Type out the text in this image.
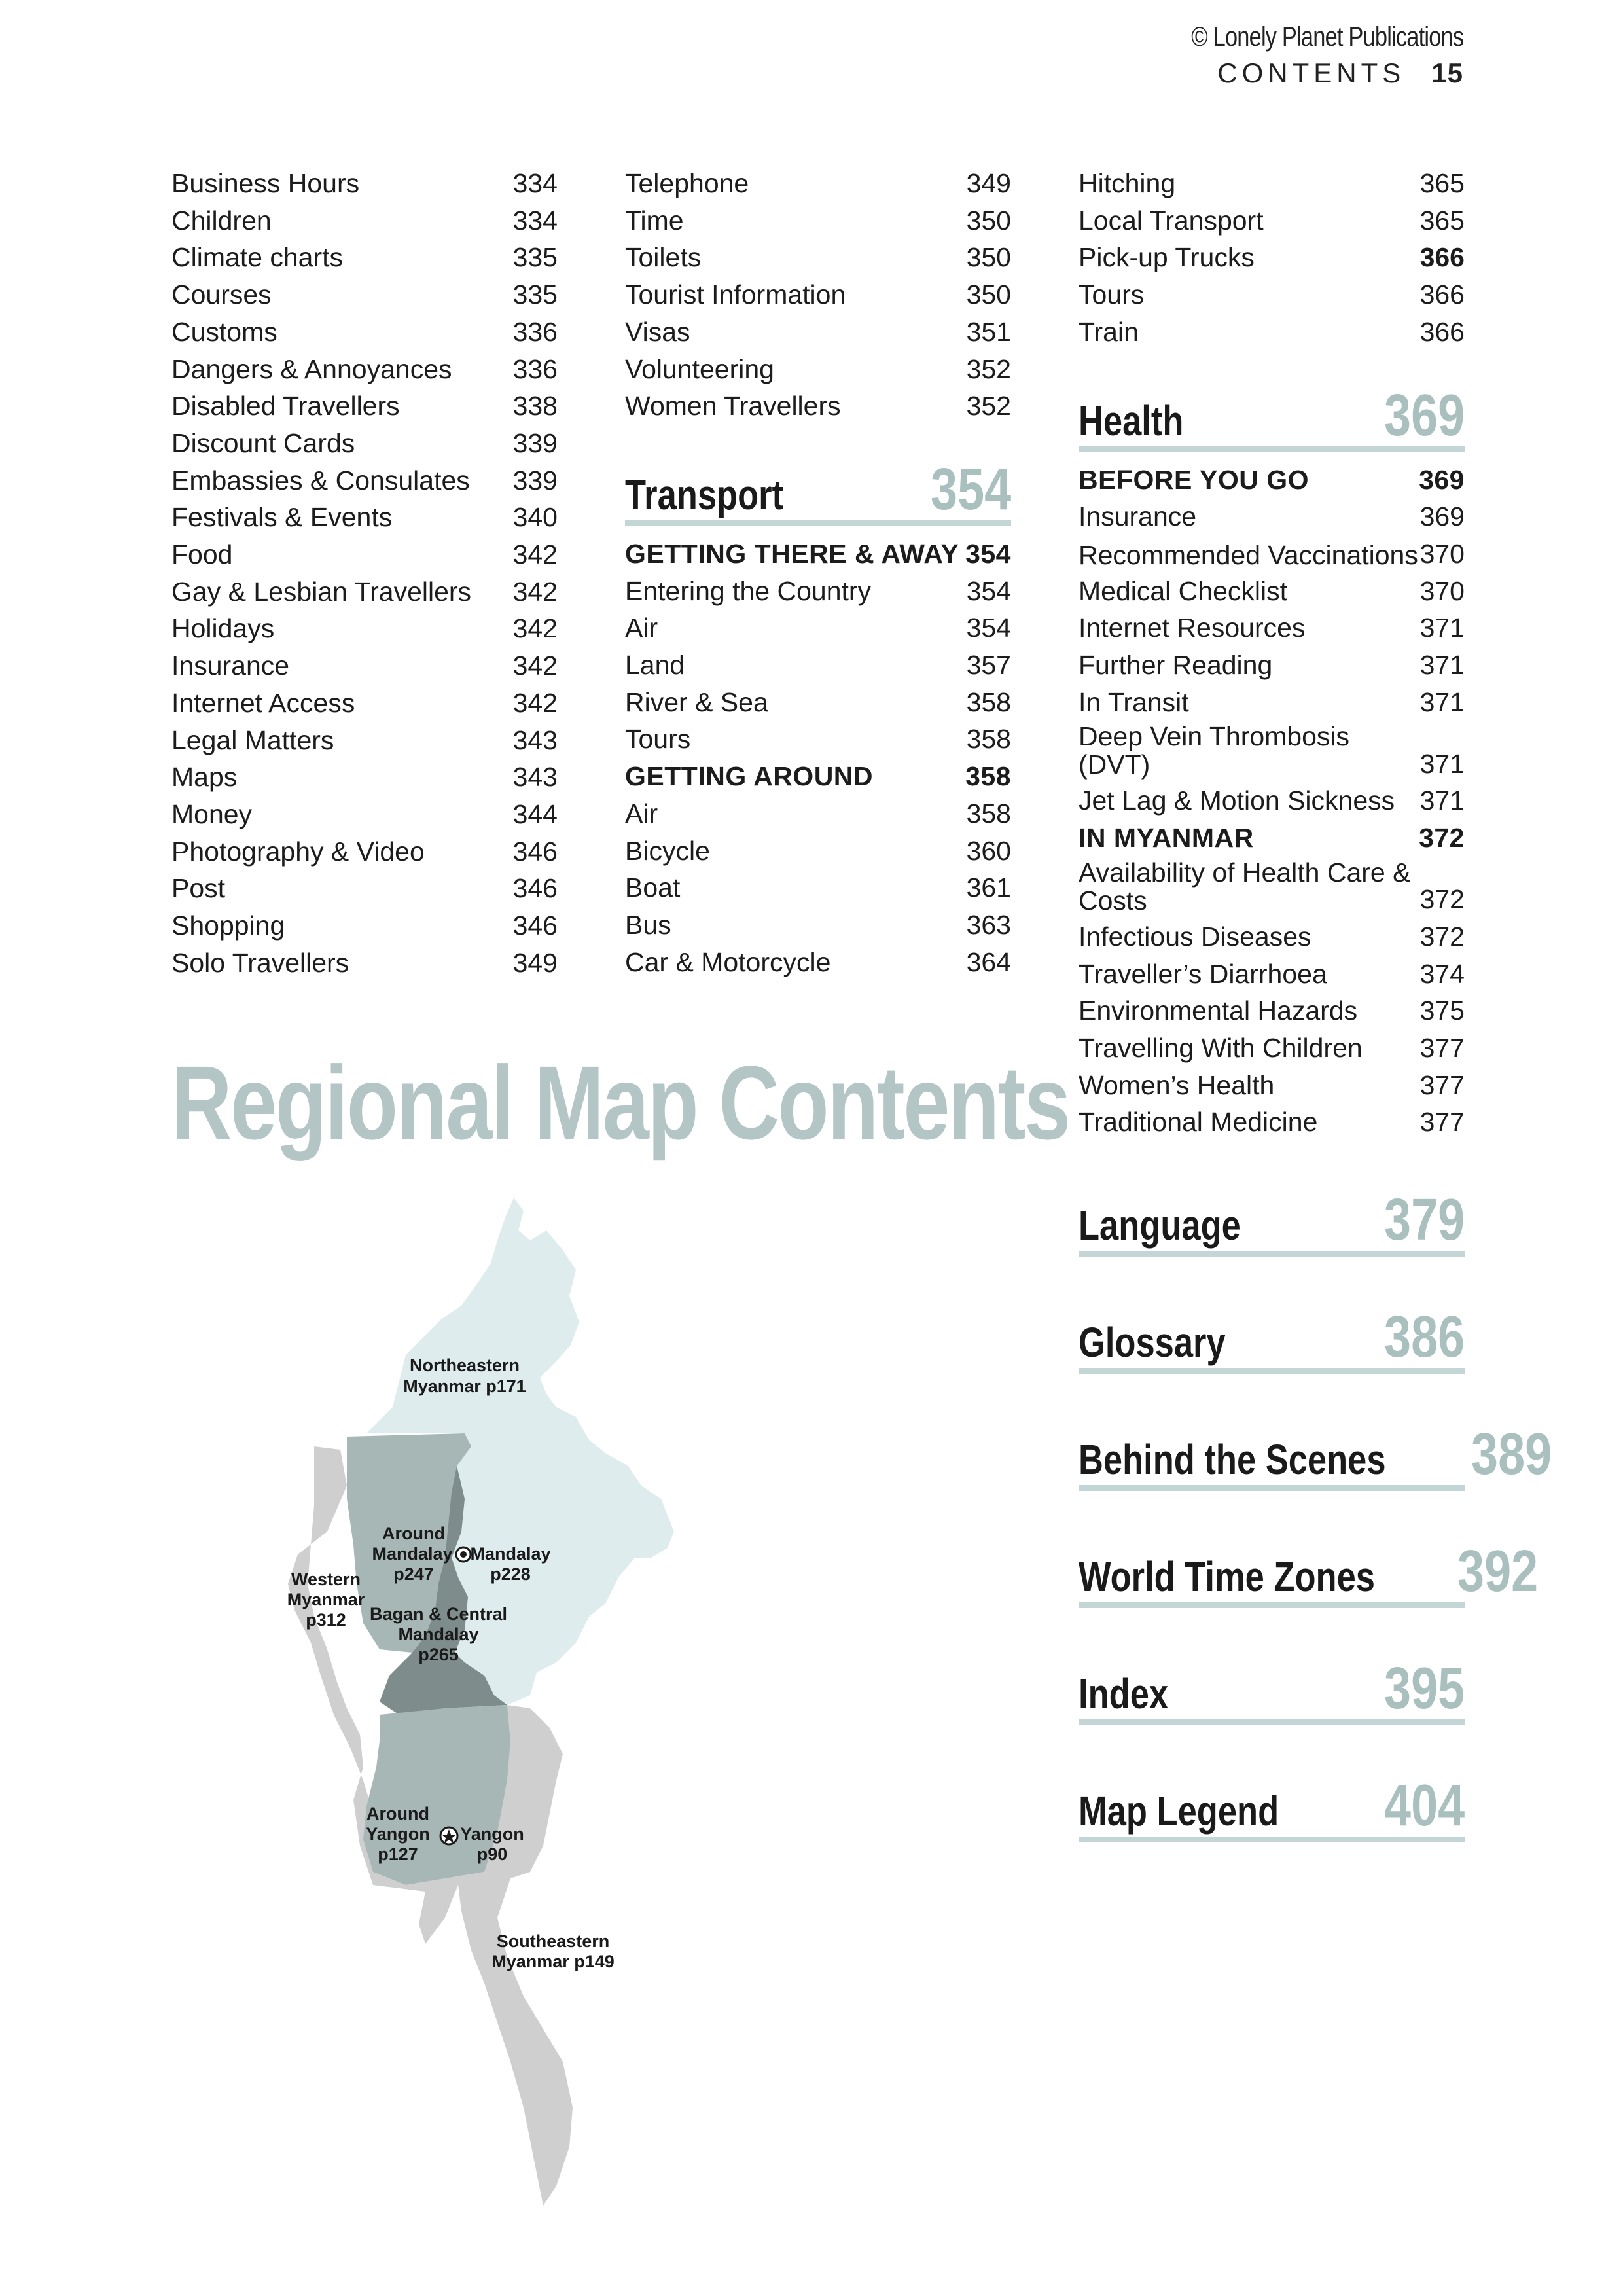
© Lonely Planet Publications
CONTENTS 15
Business Hours	334
Children	334
Climate charts	335
Courses	335
Customs	336
Dangers & Annoyances 336
Disabled Travellers	338
Discount Cards	339
Embassies & Consulates 339
Festivals & Events	340
Food	342
Gay & Lesbian Travellers 342
Holidays	342
Insurance	342
Internet Access	342
Legal Matters	343
Maps	343
Money	344
Photography & Video	346
Post	346
Shopping	346
Solo Travellers	349
Telephone	349
Time	350
Toilets	350
Tourist Information	350
Visas	351
Volunteering	352
Women Travellers	352
Transport 354
GETTING THERE & AWAY 354
Entering the Country	354
Air	354
Land	357
River & Sea	358
Tours	358
GETTING AROUND	358
Air	358
Bicycle	360
Boat	361
Bus	363
Car & Motorcycle	364
Hitching	365
Local Transport	365
Pick-up Trucks	366
Tours	366
Train	366
Health	369
BEFORE YOU GO	369
Insurance	369
Recommended Vaccinations 370
Medical Checklist	370
Internet Resources	371
Further Reading	371
In Transit	371
Deep Vein Thrombosis (DVT)	371
Jet Lag & Motion Sickness 371
IN MYANMAR	372
Availability of Health Care & Costs	372
Infectious Diseases	372
Traveller’s Diarrhoea	374
Environmental Hazards 375
Travelling With Children 377
Women’s Health	377
Traditional Medicine	377
Language 379
Glossary	386
Behind the Scenes 389
World Time Zones 392
Index	395
Map Legend 404
Regional Map Contents
Northeastern
Myanmar p171
Around
Mandalay
p247
Mandalay
p228
Western
Myanmar
p312 Bagan & Central
Mandalay
p265
Around
Yangon
p127
Yangon
p90
Southeastern
Myanmar p149
